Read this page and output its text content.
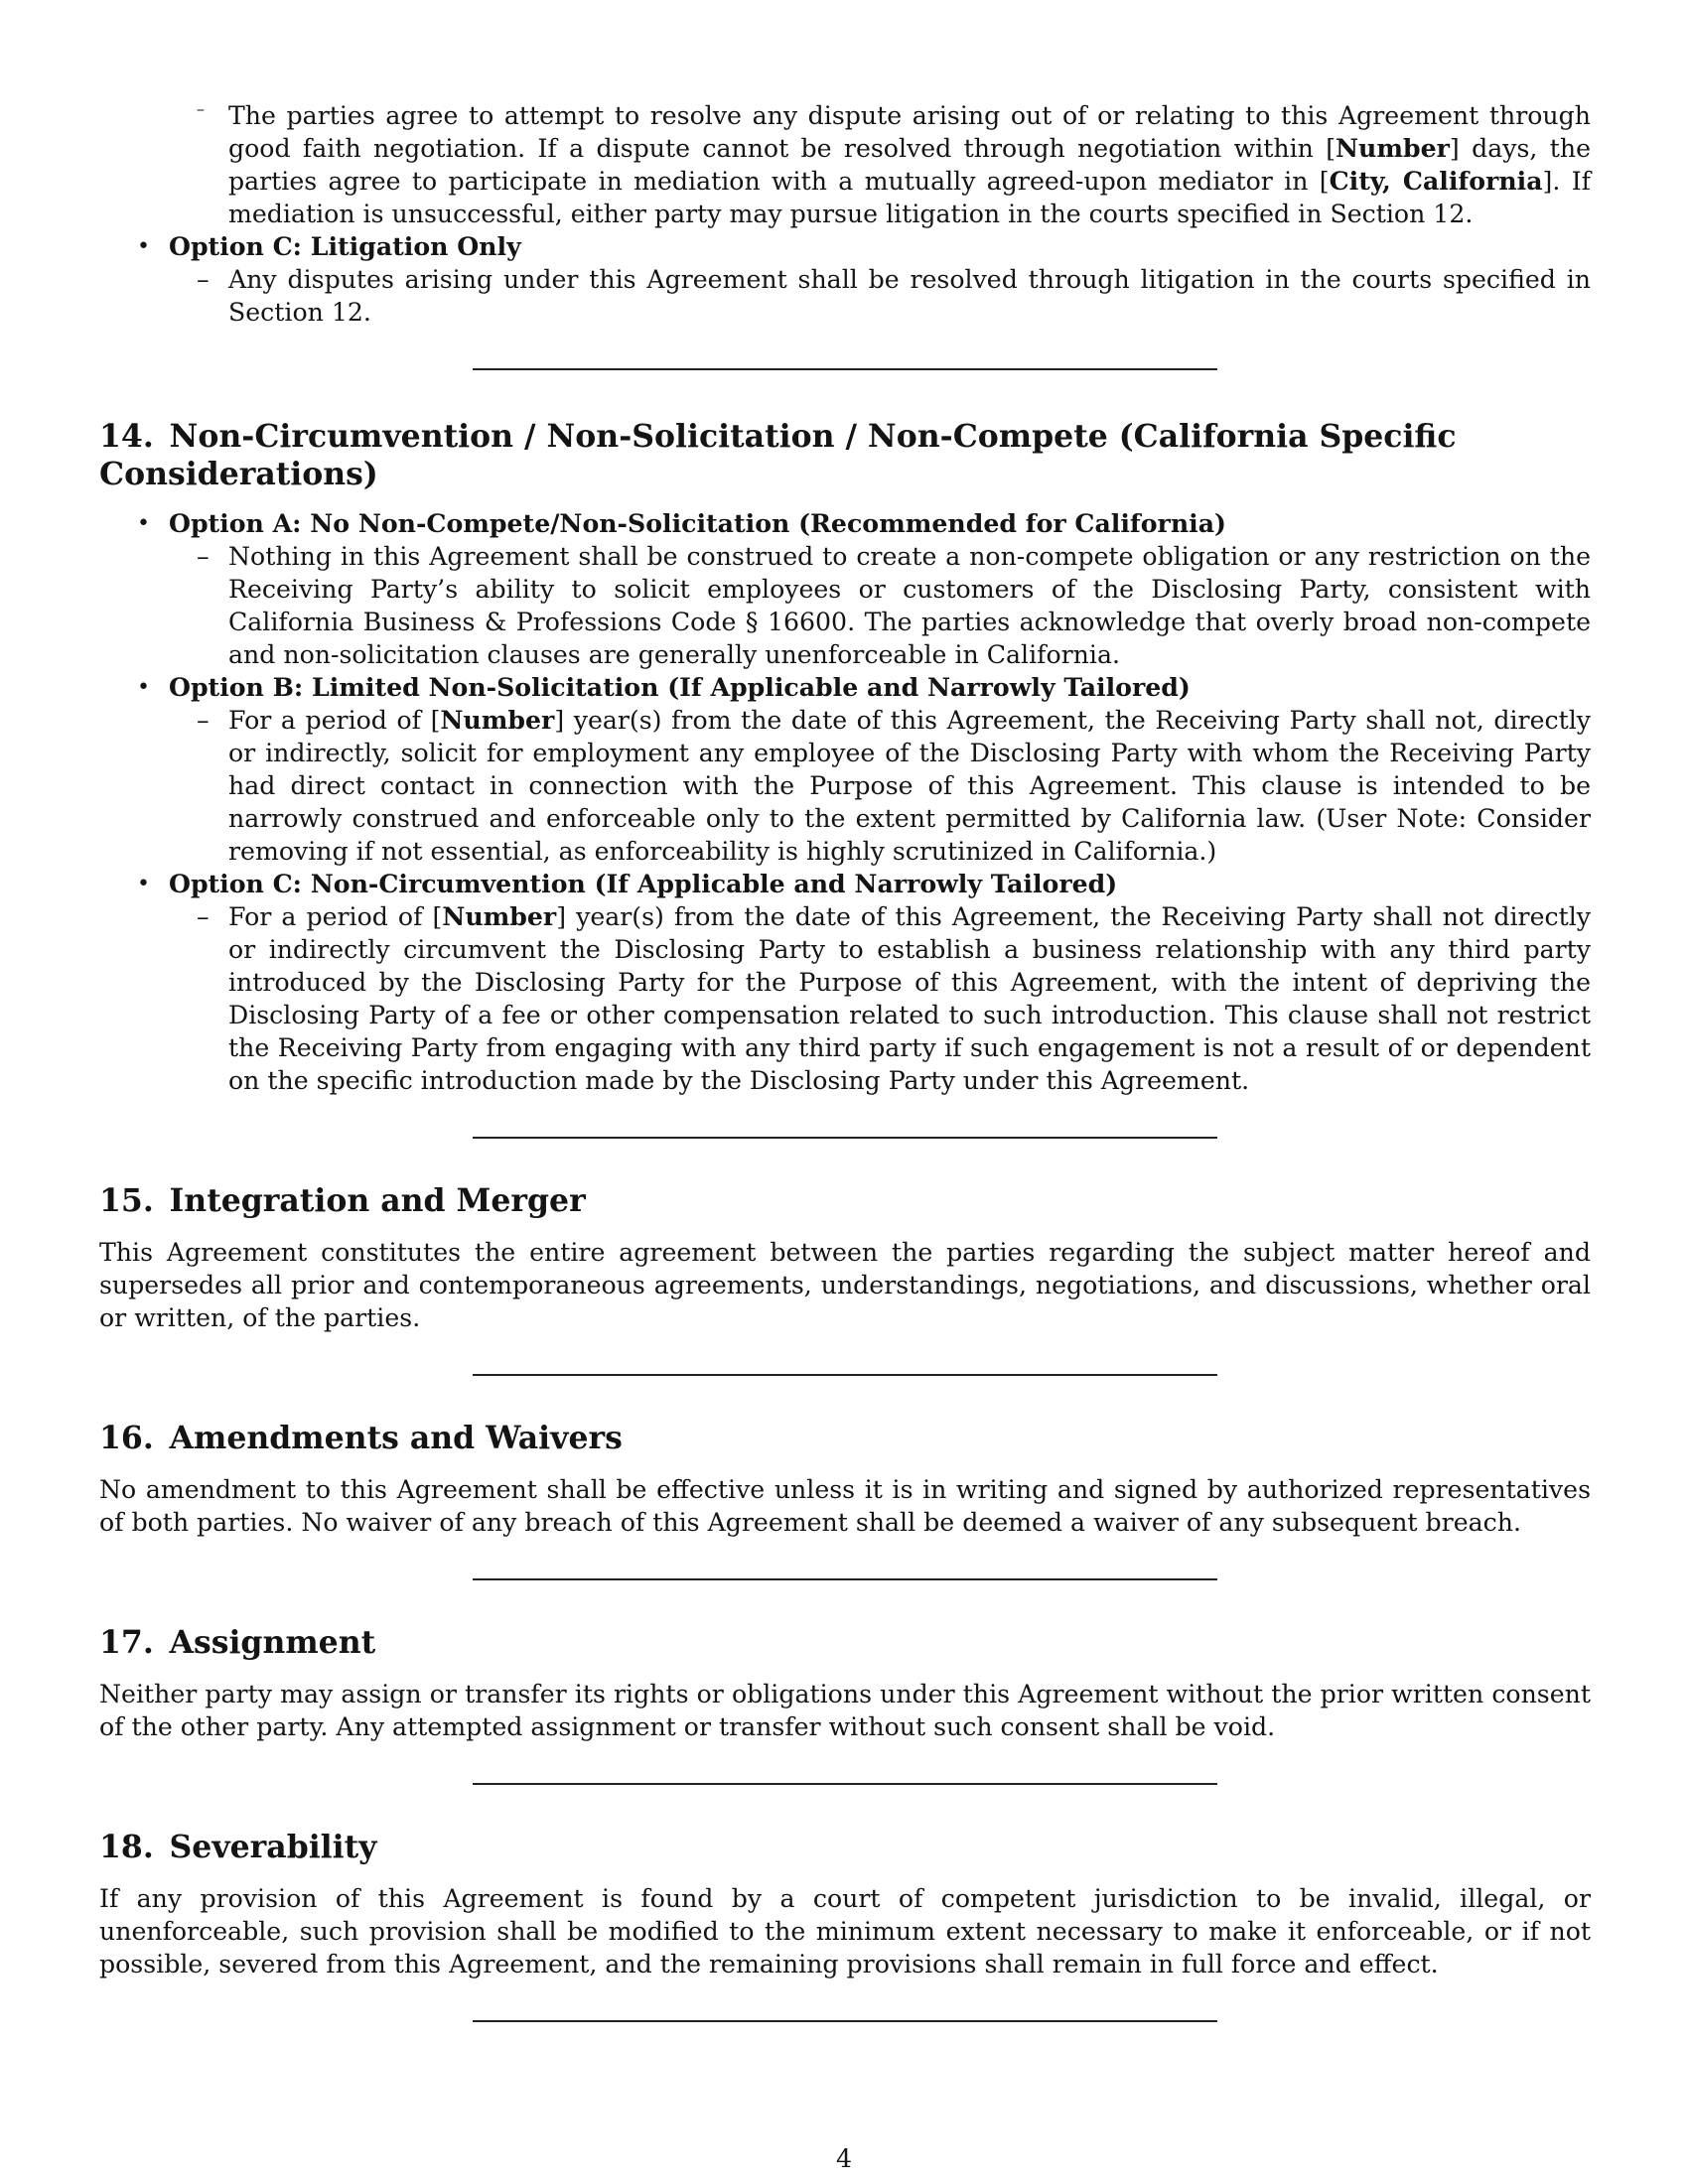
– The parties agree to attempt to resolve any dispute arising out of or relating to this Agreement through good faith negotiation. If a dispute cannot be resolved through negotiation within [Number] days, the parties agree to participate in mediation with a mutually agreed-upon mediator in [City, California]. If mediation is unsuccessful, either party may pursue litigation in the courts specified in Section 12.

• Option C: Litigation Only
– Any disputes arising under this Agreement shall be resolved through litigation in the courts specified in Section 12.

14. Non-Circumvention / Non-Solicitation / Non-Compete (California Specific Considerations)
• Option A: No Non-Compete/Non-Solicitation (Recommended for California)
– Nothing in this Agreement shall be construed to create a non-compete obligation or any restriction on the Receiving Party’s ability to solicit employees or customers of the Disclosing Party, consistent with California Business & Professions Code § 16600. The parties acknowledge that overly broad non-compete and non-solicitation clauses are generally unenforceable in California.

• Option B: Limited Non-Solicitation (If Applicable and Narrowly Tailored)
– For a period of [Number] year(s) from the date of this Agreement, the Receiving Party shall not, directly or indirectly, solicit for employment any employee of the Disclosing Party with whom the Receiving Party had direct contact in connection with the Purpose of this Agreement. This clause is intended to be narrowly construed and enforceable only to the extent permitted by California law. (User Note: Consider removing if not essential, as enforceability is highly scrutinized in California.)

• Option C: Non-Circumvention (If Applicable and Narrowly Tailored)
– For a period of [Number] year(s) from the date of this Agreement, the Receiving Party shall not directly or indirectly circumvent the Disclosing Party to establish a business relationship with any third party introduced by the Disclosing Party for the Purpose of this Agreement, with the intent of depriving the Disclosing Party of a fee or other compensation related to such introduction. This clause shall not restrict the Receiving Party from engaging with any third party if such engagement is not a result of or dependent on the specific introduction made by the Disclosing Party under this Agreement.

15. Integration and Merger

This Agreement constitutes the entire agreement between the parties regarding the subject matter hereof and supersedes all prior and contemporaneous agreements, understandings, negotiations, and discussions, whether oral or written, of the parties.

16. Amendments and Waivers

No amendment to this Agreement shall be effective unless it is in writing and signed by authorized representatives of both parties. No waiver of any breach of this Agreement shall be deemed a waiver of any subsequent breach.

17. Assignment

Neither party may assign or transfer its rights or obligations under this Agreement without the prior written consent of the other party. Any attempted assignment or transfer without such consent shall be void.

18. Severability

If any provision of this Agreement is found by a court of competent jurisdiction to be invalid, illegal, or unenforceable, such provision shall be modified to the minimum extent necessary to make it enforceable, or if not possible, severed from this Agreement, and the remaining provisions shall remain in full force and effect.

4
